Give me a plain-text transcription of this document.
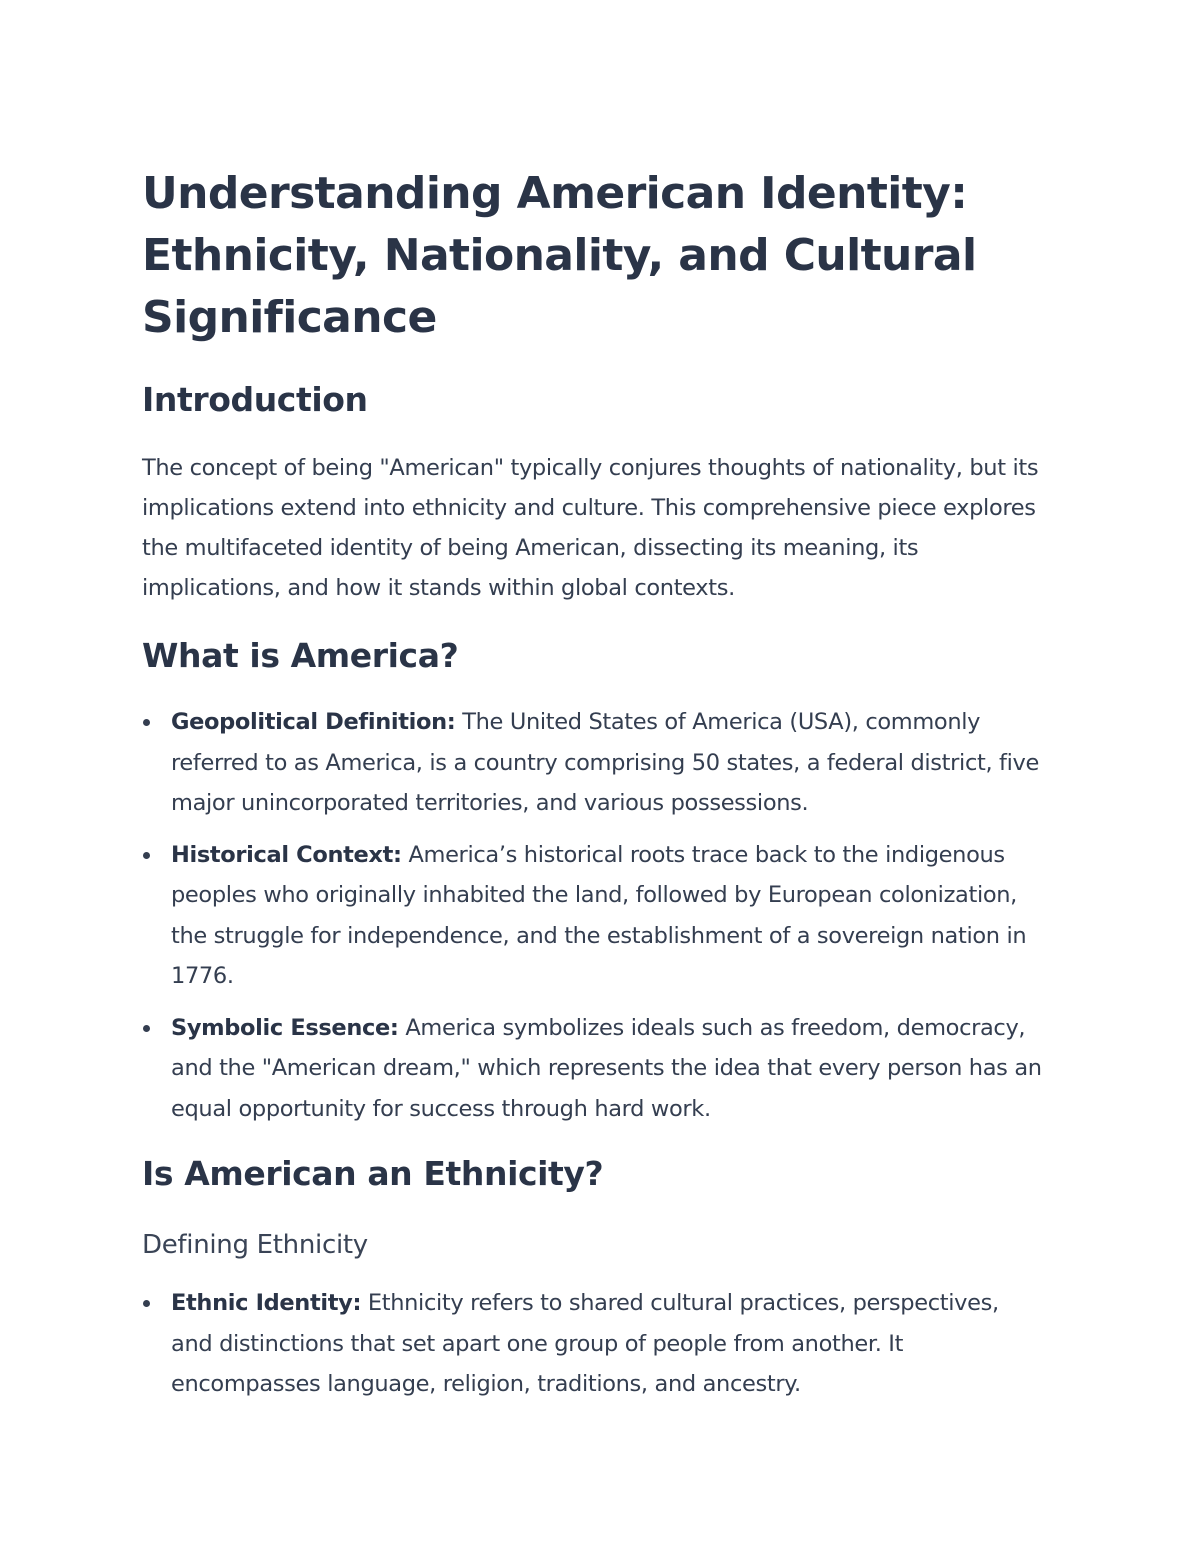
Understanding American Identity: Ethnicity, Nationality, and Cultural Significance
Introduction

The concept of being "American" typically conjures thoughts of nationality, but its implications extend into ethnicity and culture. This comprehensive piece explores the multifaceted identity of being American, dissecting its meaning, its implications, and how it stands within global contexts.

What is America?
Geopolitical Definition: The United States of America (USA), commonly referred to as America, is a country comprising 50 states, a federal district, five major unincorporated territories, and various possessions.
Historical Context: America’s historical roots trace back to the indigenous peoples who originally inhabited the land, followed by European colonization, the struggle for independence, and the establishment of a sovereign nation in 1776.
Symbolic Essence: America symbolizes ideals such as freedom, democracy, and the "American dream," which represents the idea that every person has an equal opportunity for success through hard work.
Is American an Ethnicity?
Defining Ethnicity
Ethnic Identity: Ethnicity refers to shared cultural practices, perspectives, and distinctions that set apart one group of people from another. It encompasses language, religion, traditions, and ancestry.
